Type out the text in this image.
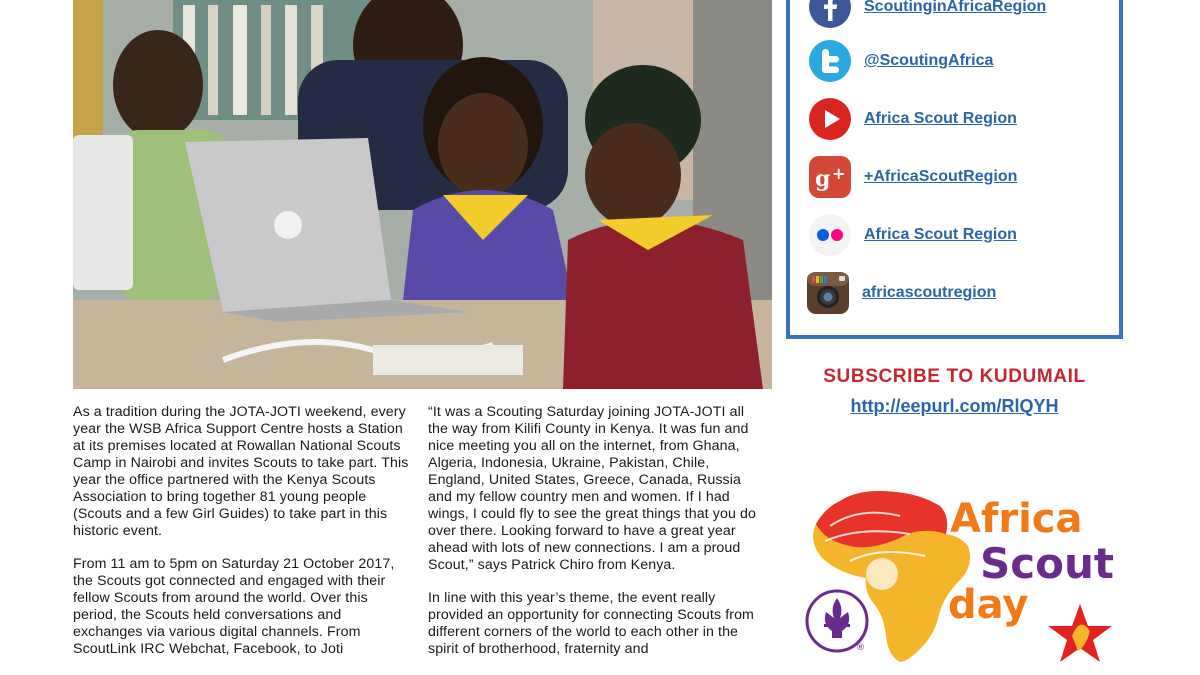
As a tradition during the JOTA-JOTI weekend, every year the WSB Africa Support Centre hosts a Station at its premises located at Rowallan National Scouts Camp in Nairobi and invites Scouts to take part. This year the office partnered with the Kenya Scouts Association to bring together 81 young people (Scouts and a few Girl Guides) to take part in this historic event.

From 11 am to 5pm on Saturday 21 October 2017, the Scouts got connected and engaged with their fellow Scouts from around the world. Over this period, the Scouts held conversations and exchanges via various digital channels. From ScoutLink IRC Webchat, Facebook, to Joti

“It was a Scouting Saturday joining JOTA-JOTI all the way from Kilifi County in Kenya. It was fun and nice meeting you all on the internet, from Ghana, Algeria, Indonesia, Ukraine, Pakistan, Chile, England, United States, Greece, Canada, Russia and my fellow country men and women. If I had wings, I could fly to see the great things that you do over there. Looking forward to have a great year ahead with lots of new connections. I am a proud Scout,” says Patrick Chiro from Kenya.

In line with this year’s theme, the event really provided an opportunity for connecting Scouts from different corners of the world to each other in the spirit of brotherhood, fraternity and

ScoutinginAfricaRegion
@ScoutingAfrica
Africa Scout Region
g + +AfricaScoutRegion
Africa Scout Region
africascoutregion
SUBSCRIBE TO KUDUMAIL
http://eepurl.com/RlQYH
®
Africa
Scout
day
